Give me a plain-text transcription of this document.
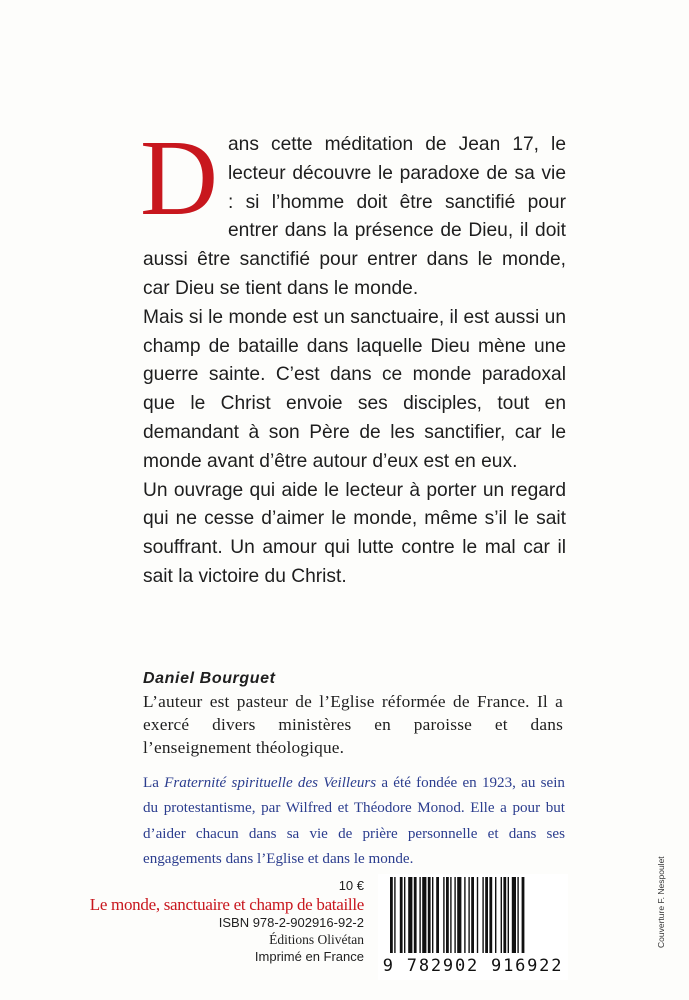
Dans cette méditation de Jean 17, le lecteur découvre le paradoxe de sa vie : si l’homme doit être sanctifié pour entrer dans la présence de Dieu, il doit aussi être sanctifié pour entrer dans le monde, car Dieu se tient dans le monde.

Mais si le monde est un sanctuaire, il est aussi un champ de bataille dans laquelle Dieu mène une guerre sainte. C’est dans ce monde paradoxal que le Christ envoie ses disciples, tout en demandant à son Père de les sanctifier, car le monde avant d’être autour d’eux est en eux.

Un ouvrage qui aide le lecteur à porter un regard qui ne cesse d’aimer le monde, même s’il le sait souffrant. Un amour qui lutte contre le mal car il sait la victoire du Christ.

Daniel Bourguet

L’auteur est pasteur de l’Eglise réformée de France. Il a exercé divers ministères en paroisse et dans l’enseignement théologique.

La Fraternité spirituelle des Veilleurs a été fondée en 1923, au sein du protestantisme, par Wilfred et Théodore Monod. Elle a pour but d’aider chacun dans sa vie de prière personnelle et dans ses engagements dans l’Eglise et dans le monde.

10 €
Le monde, sanctuaire et champ de bataille
ISBN 978-2-902916-92-2
Éditions Olivétan
Imprimé en France 9 782902 916922
Couverture F. Nespoulet
